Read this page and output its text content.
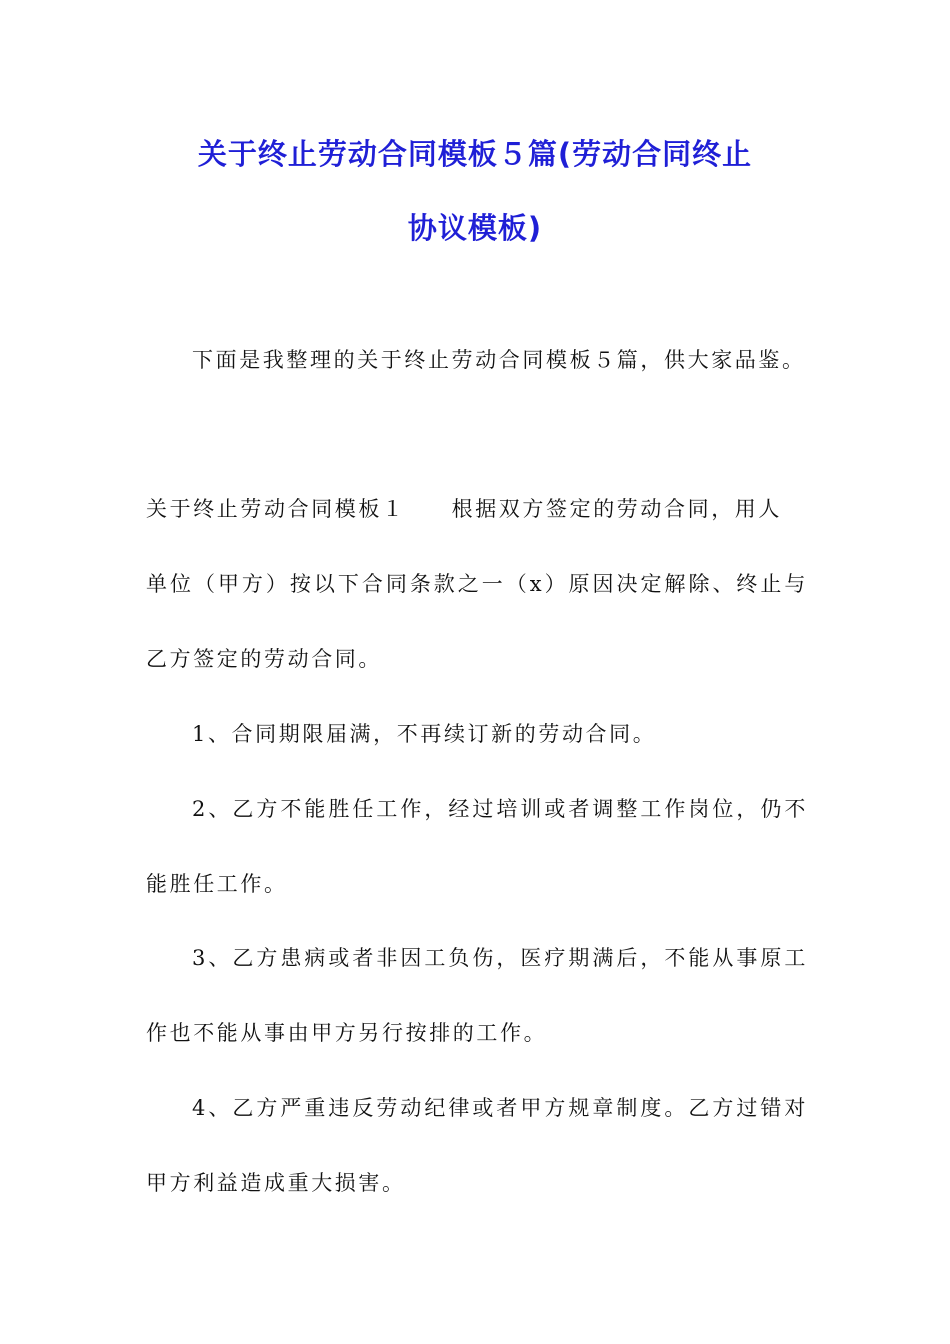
关于终止劳动合同模板５篇(劳动合同终止
协议模板)

下面是我整理的关于终止劳动合同模板５篇，供大家品鉴。

关于终止劳动合同模板１ 根据双方签定的劳动合同，用人

单位（甲方）按以下合同条款之一（x）原因决定解除、终止与

乙方签定的劳动合同。

1、合同期限届满，不再续订新的劳动合同。

2、乙方不能胜任工作，经过培训或者调整工作岗位，仍不

能胜任工作。

3、乙方患病或者非因工负伤，医疗期满后，不能从事原工

作也不能从事由甲方另行按排的工作。

4、乙方严重违反劳动纪律或者甲方规章制度。乙方过错对

甲方利益造成重大损害。
